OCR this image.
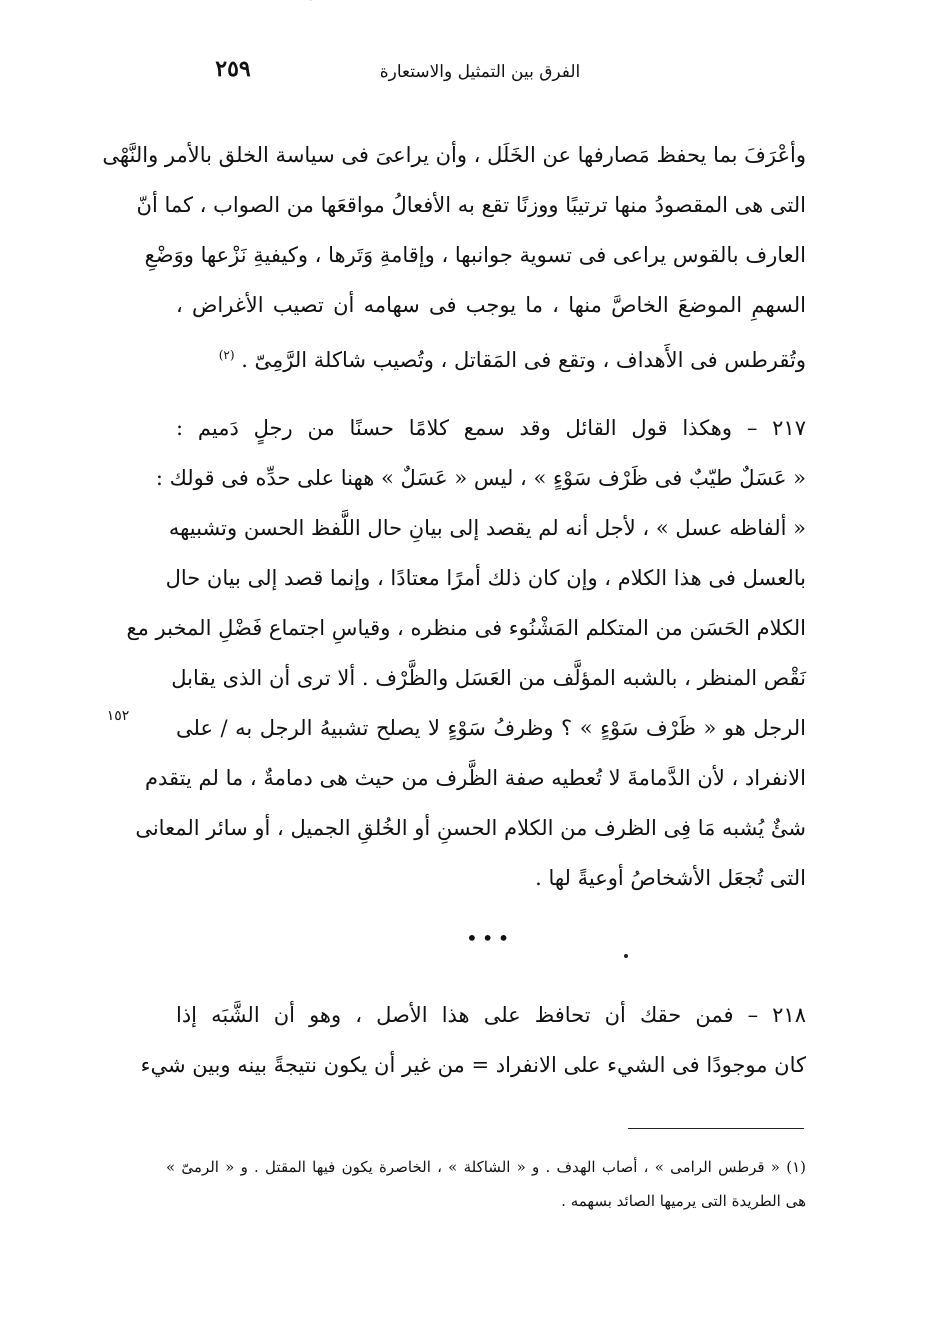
الفرق بين التمثيل والاستعارة
٢٥٩
وأعْرَفَ بما يحفظ مَصارفها عن الخَلَل ، وأن يراعىَ فى سياسة الخلق بالأمر والنَّهْى
التى هى المقصودُ منها ترتيبًا ووزنًا تقع به الأفعالُ مواقعَها من الصواب ، كما أنّ
العارف بالقوس يراعى فى تسوية جوانبها ، وإقامةِ وَتَرها ، وكيفيةِ نَزْعها ووَضْعِ
السهمِ الموضعَ الخاصَّ منها ، ما يوجب فى سهامه أن تصيب الأغراض ،
وتُقرطس فى الأَهداف ، وتقع فى المَقاتل ، وتُصيب شاكلة الرَّمِىّ . $^{(٢)}$
٢١٧ – وهكذا قول القائل وقد سمع كلامًا حسنًا من رجلٍ دَميم :
« عَسَلٌ طيّبٌ فى ظَرْف سَوْءٍ » ، ليس « عَسَلٌ » ههنا على حدِّه فى قولك :
« ألفاظه عسل » ، لأجل أنه لم يقصد إلى بيانِ حال اللَّفظ الحسن وتشبيهه
بالعسل فى هذا الكلام ، وإن كان ذلك أمرًا معتادًا ، وإنما قصد إلى بيان حال
الكلام الحَسَن من المتكلم المَشْنُوء فى منظره ، وقياسِ اجتماع فَضْلِ المخبر مع
نَقْص المنظر ، بالشبه المؤلَّف من العَسَل والظَّرْف . ألا ترى أن الذى يقابل
الرجل هو « ظَرْف سَوْءٍ » ؟ وظرفُ سَوْءٍ لا يصلح تشبيهُ الرجل به / على
الانفراد ، لأن الدَّمامةَ لا تُعطيه صفة الظَّرف من حيث هى دمامةٌ ، ما لم يتقدم
شئٌ يُشبه مَا فِى الظرف من الكلام الحسنِ أو الخُلقِ الجميل ، أو سائر المعانى
التى تُجعَل الأشخاصُ أوعيةً لها .
١٥٢
•••
٢١٨ – فمن حقك أن تحافظ على هذا الأصل ، وهو أن الشَّبَه إذا
كان موجودًا فى الشيء على الانفراد = من غير أن يكون نتيجةً بينه وبين شيء
(١) « قرطس الرامى » ، أصاب الهدف . و « الشاكلة » ، الخاصرة يكون فيها المقتل . و « الرمىّ »
هى الطريدة التى يرميها الصائد بسهمه .
